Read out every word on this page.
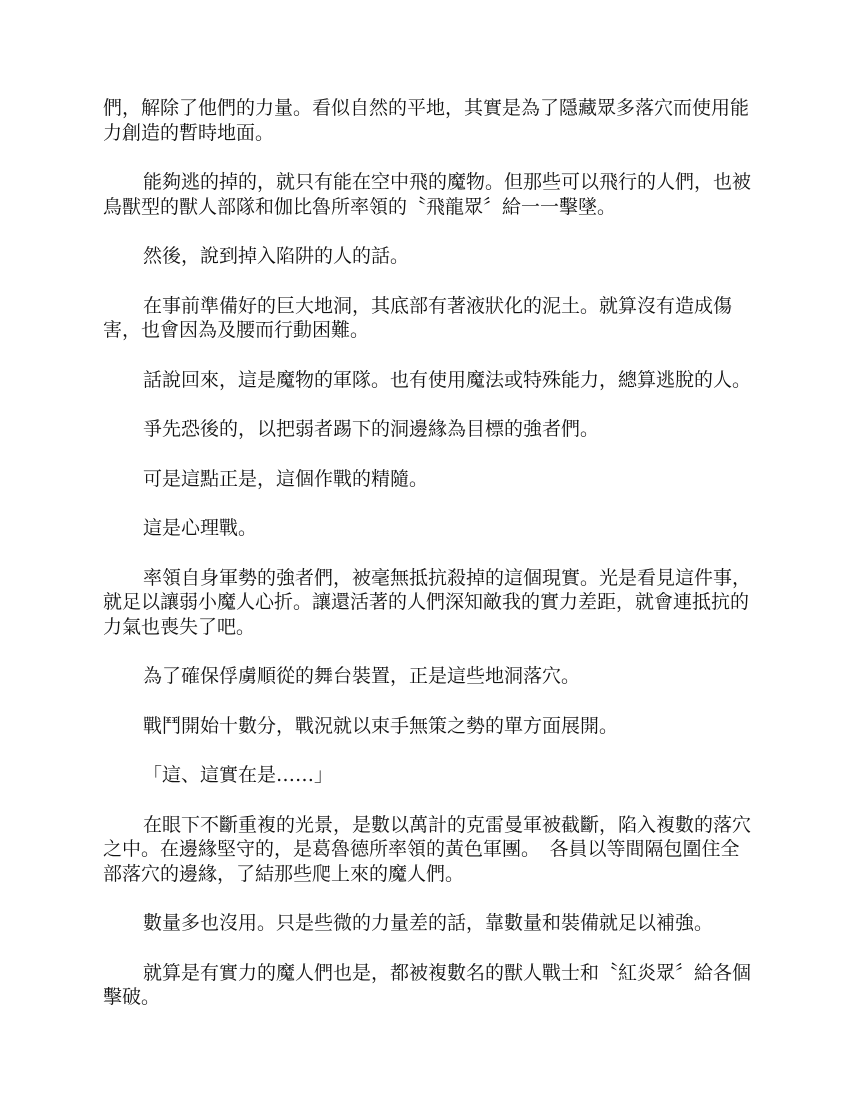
們，解除了他們的力量。看似自然的平地，其實是為了隱藏眾多落穴而使用能力創造的暫時地面。
能夠逃的掉的，就只有能在空中飛的魔物。但那些可以飛行的人們，也被鳥獸型的獸人部隊和伽比魯所率領的〝飛龍眾〞給一一擊墜。
然後，說到掉入陷阱的人的話。
在事前準備好的巨大地洞，其底部有著液狀化的泥土。就算沒有造成傷害，也會因為及腰而行動困難。
話說回來，這是魔物的軍隊。也有使用魔法或特殊能力，總算逃脫的人。
爭先恐後的，以把弱者踢下的洞邊緣為目標的強者們。
可是這點正是，這個作戰的精隨。
這是心理戰。
率領自身軍勢的強者們，被毫無抵抗殺掉的這個現實。光是看見這件事，就足以讓弱小魔人心折。讓還活著的人們深知敵我的實力差距，就會連抵抗的力氣也喪失了吧。
為了確保俘虜順從的舞台裝置，正是這些地洞落穴。
戰鬥開始十數分，戰況就以束手無策之勢的單方面展開。
「這、這實在是……」
在眼下不斷重複的光景，是數以萬計的克雷曼軍被截斷，陷入複數的落穴之中。在邊緣堅守的，是葛魯德所率領的黃色軍團。　各員以等間隔包圍住全部落穴的邊緣，了結那些爬上來的魔人們。
數量多也沒用。只是些微的力量差的話，靠數量和裝備就足以補強。
就算是有實力的魔人們也是，都被複數名的獸人戰士和〝紅炎眾〞給各個擊破。
